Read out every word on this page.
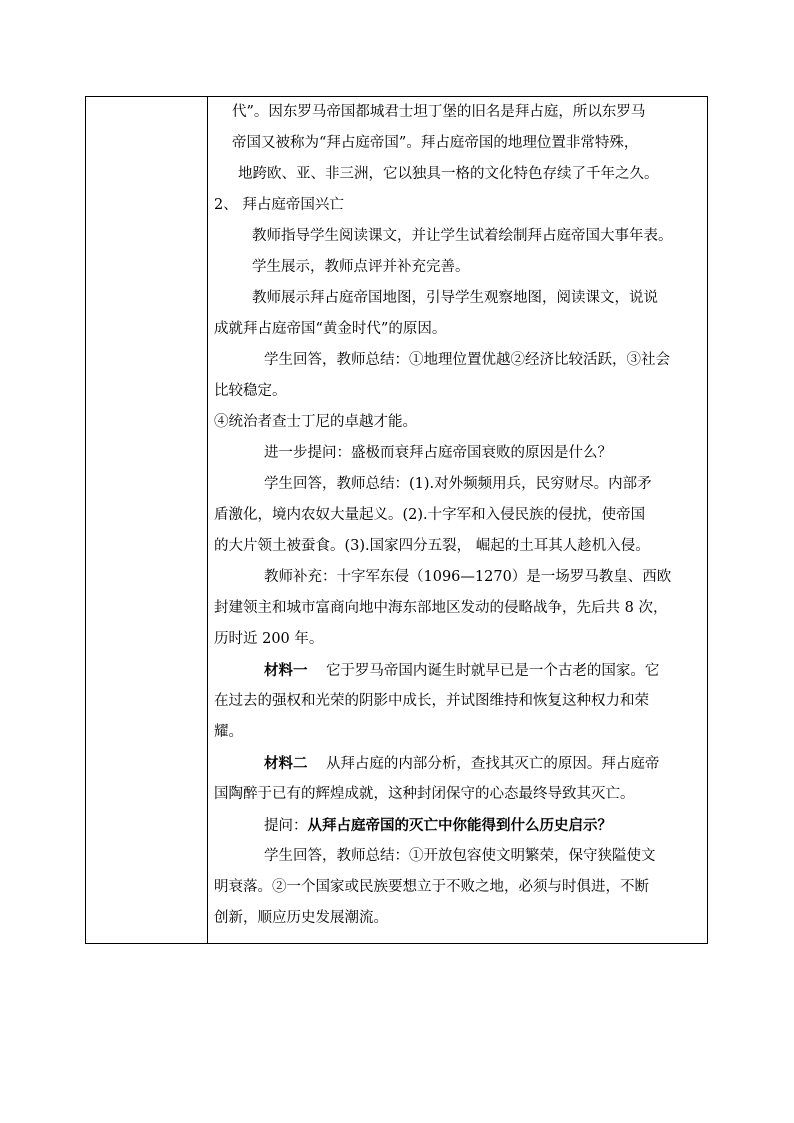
代”。因东罗马帝国都城君士坦丁堡的旧名是拜占庭，所以东罗马
帝国又被称为“拜占庭帝国”。拜占庭帝国的地理位置非常特殊，
地跨欧、亚、非三洲，它以独具一格的文化特色存续了千年之久。
2、 拜占庭帝国兴亡
教师指导学生阅读课文，并让学生试着绘制拜占庭帝国大事年表。
学生展示，教师点评并补充完善。
教师展示拜占庭帝国地图，引导学生观察地图，阅读课文，说说
成就拜占庭帝国“黄金时代”的原因。
学生回答，教师总结：①地理位置优越②经济比较活跃，③社会
比较稳定。
④统治者查士丁尼的卓越才能。
进一步提问：盛极而衰拜占庭帝国衰败的原因是什么？
学生回答，教师总结：(1).对外频频用兵，民穷财尽。内部矛
盾激化，境内农奴大量起义。(2).十字军和入侵民族的侵扰，使帝国
的大片领土被蚕食。(3).国家四分五裂， 崛起的土耳其人趁机入侵。
教师补充：十字军东侵（1096—1270）是一场罗马教皇、西欧
封建领主和城市富商向地中海东部地区发动的侵略战争，先后共 8 次，
历时近 200 年。
材料一 它于罗马帝国内诞生时就早已是一个古老的国家。它
在过去的强权和光荣的阴影中成长，并试图维持和恢复这种权力和荣
耀。
材料二 从拜占庭的内部分析，查找其灭亡的原因。拜占庭帝
国陶醉于已有的辉煌成就，这种封闭保守的心态最终导致其灭亡。
提问：从拜占庭帝国的灭亡中你能得到什么历史启示？
学生回答，教师总结：①开放包容使文明繁荣，保守狭隘使文
明衰落。②一个国家或民族要想立于不败之地，必须与时俱进，不断
创新，顺应历史发展潮流。
